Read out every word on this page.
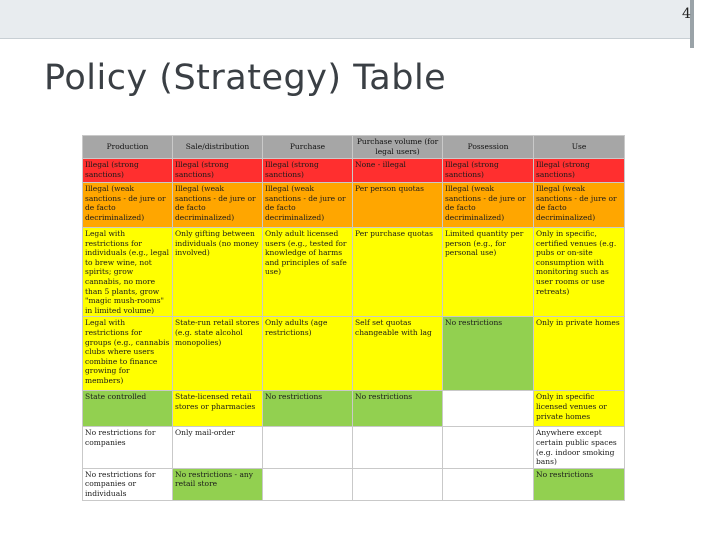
4
Policy (Strategy) Table
Production	Sale/distribution	Purchase	Purchase volume (for legal users)	Possession	Use
Illegal (strong sanctions)	Illegal (strong sanctions)	Illegal (strong sanctions)	None - illegal	Illegal (strong sanctions)	Illegal (strong sanctions)
Illegal (weak sanctions - de jure or de facto decriminalized)	Illegal (weak sanctions - de jure or de facto decriminalized)	Illegal (weak sanctions - de jure or de facto decriminalized)	Per person quotas	Illegal (weak sanctions - de jure or de facto decriminalized)	Illegal (weak sanctions - de jure or de facto decriminalized)
Legal with restrictions for individuals (e.g., legal to brew wine, not spirits; grow cannabis, no more than 5 plants, grow "magic mush-rooms" in limited volume)	Only gifting between individuals (no money involved)	Only adult licensed users (e.g., tested for knowledge of harms and principles of safe use)	Per purchase quotas	Limited quantity per person (e.g., for personal use)	Only in specific, certified venues (e.g. pubs or on-site consumption with monitoring such as user rooms or use retreats)
Legal with restrictions for groups (e.g., cannabis clubs where users combine to finance growing for members)	State-run retail stores (e.g. state alcohol monopolies)	Only adults (age restrictions)	Self set quotas changeable with lag	No restrictions	Only in private homes
State controlled	State-licensed retail stores or pharmacies	No restrictions	No restrictions		Only in specific licensed venues or private homes
No restrictions for companies	Only mail-order				Anywhere except certain public spaces (e.g. indoor smoking bans)
No restrictions for companies or individuals	No restrictions - any retail store				No restrictions
